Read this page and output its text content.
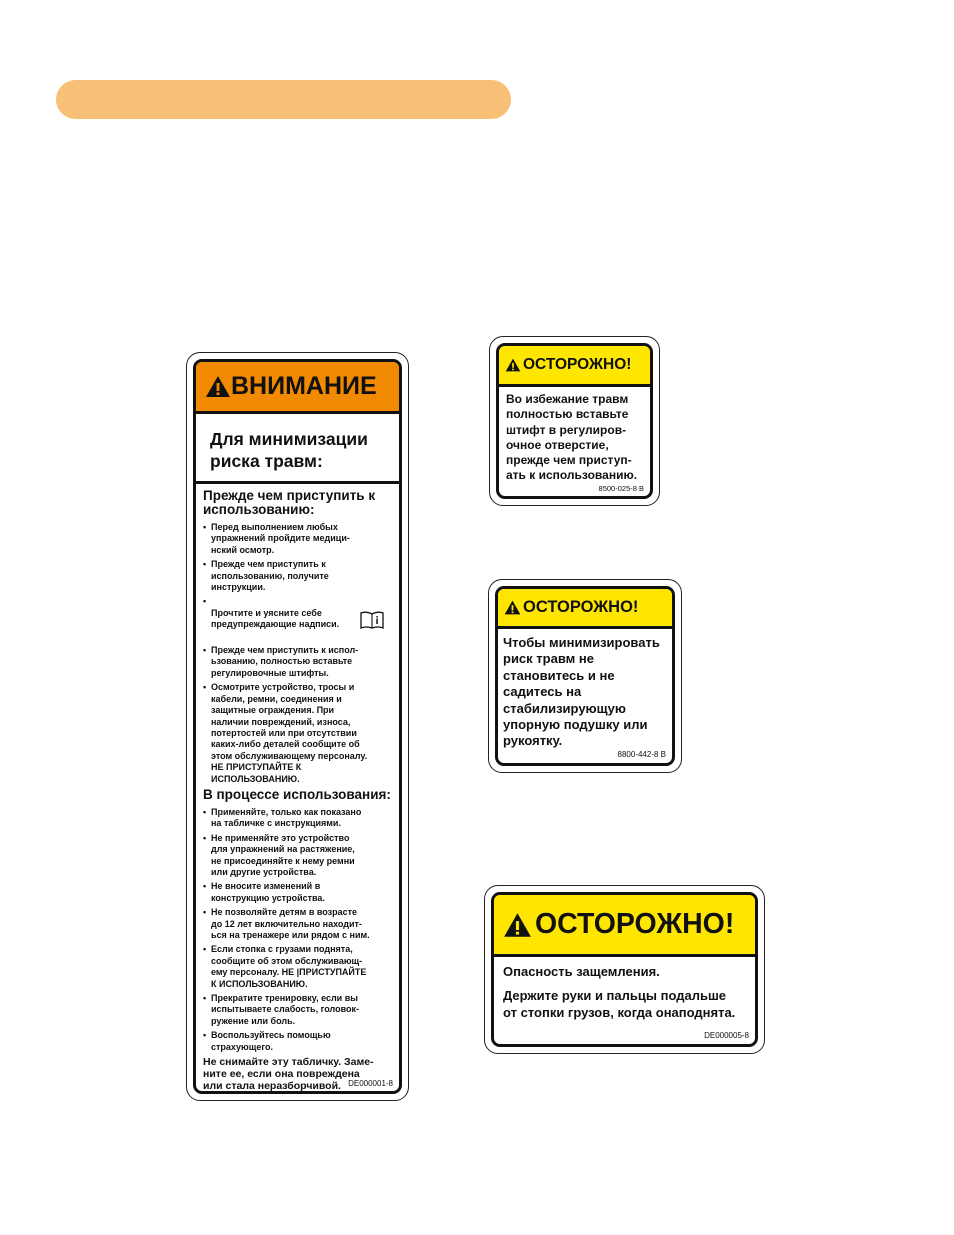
ВНИМАНИЕ
Для минимизации риска травм:
Прежде чем приступить к использованию:
• Перед выполнением любых
упражнений пройдите медици-
нский осмотр.
• Прежде чем приступить к
использованию, получите
инструкции.

• Прочтите и уясните себе
предупреждающие надписи.

• Прежде чем приступить к испол-
ьзованию, полностью вставьте
регулировочные штифты.
• Осмотрите устройство, тросы и
кабели, ремни, соединения и
защитные ограждения. При
наличии повреждений, износа,
потертостей или при отсутствии
каких-либо деталей сообщите об
этом обслуживающему персоналу.
НЕ ПРИСТУПАЙТЕ К
ИСПОЛЬЗОВАНИЮ.
В процессе использования:
• Применяйте, только как показано
на табличке с инструкциями.
• Не применяйте это устройство
для упражнений на растяжение,
не присоединяйте к нему ремни
или другие устройства.
• Не вносите изменений в
конструкцию устройства.
• Не позволяйте детям в возрасте
до 12 лет включительно находит-
ься на тренажере или рядом с ним.
• Если стопка с грузами поднята,
сообщите об этом обслуживающ-
ему персоналу. НЕ |ПРИСТУПАЙТЕ
К ИСПОЛЬЗОВАНИЮ.
• Прекратите тренировку, если вы
испытываете слабость, головок-
ружение или боль.
• Воспользуйтесь помощью
страхующего.
Не снимайте эту табличку. Заме-
ните ее, если она повреждена
или стала неразборчивой. DE000001-8
ОСТОРОЖНО!
Во избежание травм
полностью вставьте
штифт в регулиров-
очное отверстие,
прежде чем приступ-
ать к использованию.
8500-025-8 B
ОСТОРОЖНО!
Чтобы минимизировать
риск травм не
становитесь и не
садитесь на
стабилизирующую
упорную подушку или
рукоятку.
8800-442-8 B
ОСТОРОЖНО!
Опасность защемления.
Держите руки и пальцы подальше
от стопки грузов, когда онаподнята.
DE000005-8
